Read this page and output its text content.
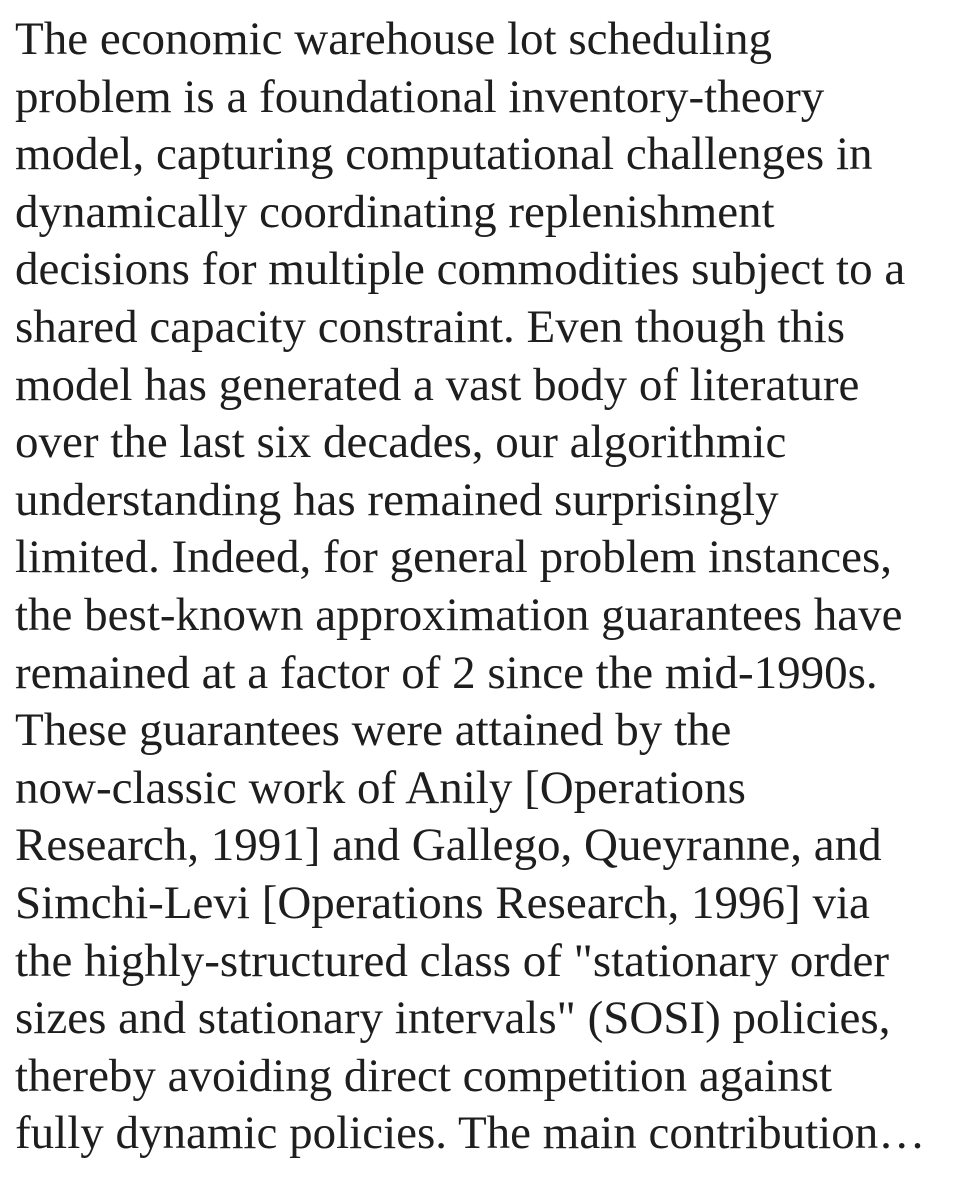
The economic warehouse lot scheduling
problem is a foundational inventory-theory
model, capturing computational challenges in
dynamically coordinating replenishment
decisions for multiple commodities subject to a
shared capacity constraint. Even though this
model has generated a vast body of literature
over the last six decades, our algorithmic
understanding has remained surprisingly
limited. Indeed, for general problem instances,
the best-known approximation guarantees have
remained at a factor of 2 since the mid-1990s.
These guarantees were attained by the
now-classic work of Anily [Operations
Research, 1991] and Gallego, Queyranne, and
Simchi-Levi [Operations Research, 1996] via
the highly-structured class of "stationary order
sizes and stationary intervals" (SOSI) policies,
thereby avoiding direct competition against
fully dynamic policies. The main contribution…
